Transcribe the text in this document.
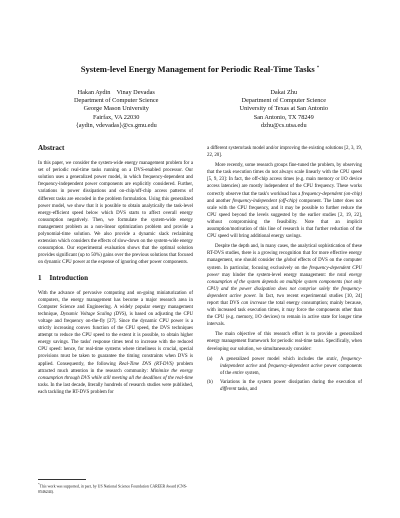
System-level Energy Management for Periodic Real-Time Tasks *
Hakan Aydin    Vinay Devadas
Department of Computer Science
George Mason University
Fairfax, VA 22030
{aydin, vdevadas}@cs.gmu.edu
Dakai Zhu
Department of Computer Science
University of Texas at San Antonio
San Antonio, TX 78249
dzhu@cs.utsa.edu
Abstract

In this paper, we consider the system-wide energy management problem for a set of periodic real-time tasks running on a DVS-enabled processor. Our solution uses a generalized power model, in which frequency-dependent and frequency-independent power components are explicitly considered. Further, variations in power dissipations and on-chip/off-chip access patterns of different tasks are encoded in the problem formulation. Using this generalized power model, we show that it is possible to obtain analytically the task-level energy-efficient speed below which DVS starts to affect overall energy consumption negatively. Then, we formulate the system-wide energy management problem as a non-linear optimization problem and provide a polynomial-time solution. We also provide a dynamic slack reclaiming extension which considers the effects of slow-down on the system-wide energy consumption. Our experimental evaluation shows that the optimal solution provides significant (up to 50%) gains over the previous solutions that focused on dynamic CPU power at the expense of ignoring other power components.

1 Introduction

With the advance of pervasive computing and on-going miniaturization of computers, the energy management has become a major research area in Computer Science and Engineering. A widely popular energy management technique, Dynamic Voltage Scaling (DVS), is based on adjusting the CPU voltage and frequency on-the-fly [27]. Since the dynamic CPU power is a strictly increasing convex function of the CPU speed, the DVS techniques attempt to reduce the CPU speed to the extent it is possible, to obtain higher energy savings. The tasks' response times tend to increase with the reduced CPU speed: hence, for real-time systems where timeliness is crucial, special provisions must be taken to guarantee the timing constraints when DVS is applied. Consequently, the following Real-Time DVS (RT-DVS) problem attracted much attention in the research community: Minimize the energy consumption through DVS while still meeting all the deadlines of the real-time tasks. In the last decade, literally hundreds of research studies were published, each tackling the RT-DVS problem for

a different system/task model and/or improving the existing solutions [2, 3, 19, 22, 20].

More recently, some research groups fine-tuned the problem, by observing that the task execution times do not always scale linearly with the CPU speed [5, 9, 23]: In fact, the off-chip access times (e.g. main memory or I/O device access latencies) are mostly independent of the CPU frequency. These works correctly observe that the task's workload has a frequency-dependent (on-chip) and another frequency-independent (off-chip) component. The latter does not scale with the CPU frequency, and it may be possible to further reduce the CPU speed beyond the levels suggested by the earlier studies [2, 19, 22], without compromising the feasibility. Note that an implicit assumption/motivation of this line of research is that further reduction of the CPU speed will bring additional energy savings.

Despite the depth and, in many cases, the analytical sophistication of these RT-DVS studies, there is a growing recognition that for more effective energy management, one should consider the global effects of DVS on the computer system. In particular, focusing exclusively on the frequency-dependent CPU power may hinder the system-level energy management: the total energy consumption of the system depends on multiple system components (not only CPU) and the power dissipation does not comprise solely the frequency-dependent active power. In fact, two recent experimental studies [10, 24] report that DVS can increase the total energy consumption; mainly because, with increased task execution times, it may force the components other than the CPU (e.g. memory, I/O devices) to remain in active state for longer time intervals.

The main objective of this research effort is to provide a generalized energy management framework for periodic real-time tasks. Specifically, when developing our solution, we simultaneously consider:

(a)	A generalized power model which includes the static, frequency-independent active and frequency-dependent active power components of the entire system,
(b)	Variations in the system power dissipation during the execution of different tasks, and
*This work was supported, in part, by US National Science Foundation CAREER Award (CNS-0546244).
